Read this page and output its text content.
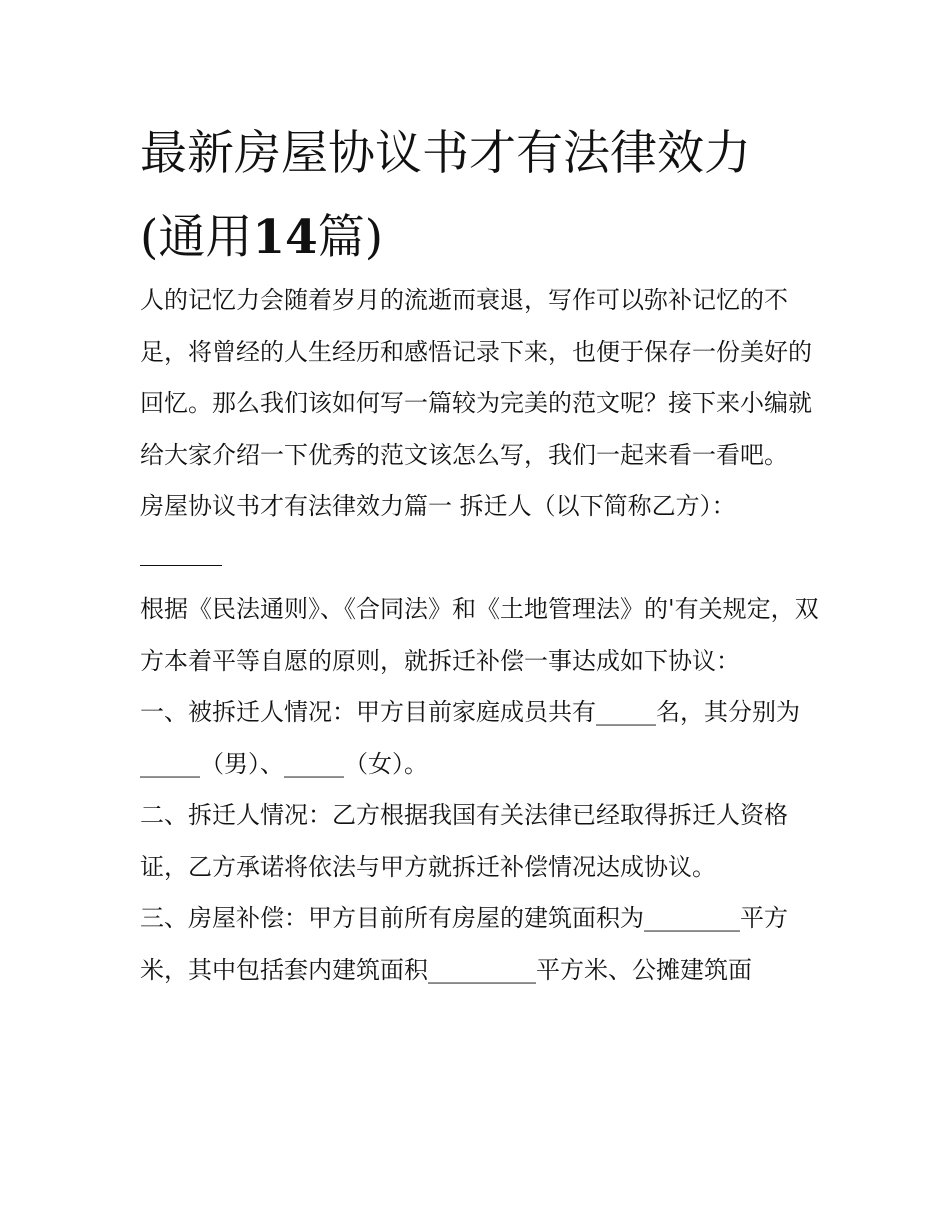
最新房屋协议书才有法律效力
(通用14篇)

人的记忆力会随着岁月的流逝而衰退，写作可以弥补记忆的不足，将曾经的人生经历和感悟记录下来，也便于保存一份美好的回忆。那么我们该如何写一篇较为完美的范文呢？接下来小编就给大家介绍一下优秀的范文该怎么写，我们一起来看一看吧。

房屋协议书才有法律效力篇一 拆迁人（以下简称乙方）：

根据《民法通则》、《合同法》和《土地管理法》的'有关规定，双方本着平等自愿的原则，就拆迁补偿一事达成如下协议：

一、被拆迁人情况：甲方目前家庭成员共有_____名，其分别为_____（男）、_____（女）。

二、拆迁人情况：乙方根据我国有关法律已经取得拆迁人资格证，乙方承诺将依法与甲方就拆迁补偿情况达成协议。

三、房屋补偿：甲方目前所有房屋的建筑面积为________平方米，其中包括套内建筑面积_________平方米、公摊建筑面
